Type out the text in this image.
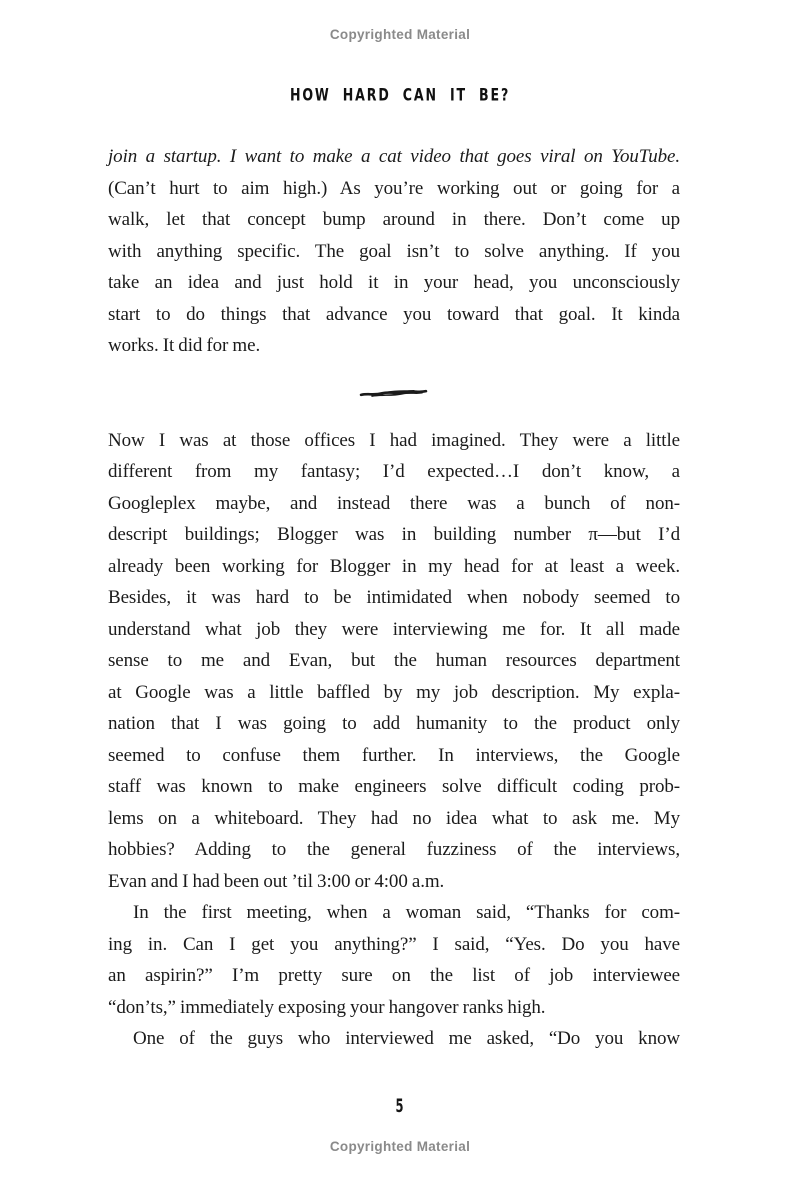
Copyrighted Material
HOW HARD CAN IT BE?
join a startup. I want to make a cat video that goes viral on YouTube.
(Can’t hurt to aim high.) As you’re working out or going for a
walk, let that concept bump around in there. Don’t come up
with anything specific. The goal isn’t to solve anything. If you
take an idea and just hold it in your head, you unconsciously
start to do things that advance you toward that goal. It kinda
works. It did for me.
Now I was at those offices I had imagined. They were a little
different from my fantasy; I’d expected…I don’t know, a
Googleplex maybe, and instead there was a bunch of non-
descript buildings; Blogger was in building number π—but I’d
already been working for Blogger in my head for at least a week.
Besides, it was hard to be intimidated when nobody seemed to
understand what job they were interviewing me for. It all made
sense to me and Evan, but the human resources department
at Google was a little baffled by my job description. My expla-
nation that I was going to add humanity to the product only
seemed to confuse them further. In interviews, the Google
staff was known to make engineers solve difficult coding prob-
lems on a whiteboard. They had no idea what to ask me. My
hobbies? Adding to the general fuzziness of the interviews,
Evan and I had been out ’til 3:00 or 4:00 a.m.
In the first meeting, when a woman said, “Thanks for com-
ing in. Can I get you anything?” I said, “Yes. Do you have
an aspirin?” I’m pretty sure on the list of job interviewee
“don’ts,” immediately exposing your hangover ranks high.
One of the guys who interviewed me asked, “Do you know
5
Copyrighted Material
